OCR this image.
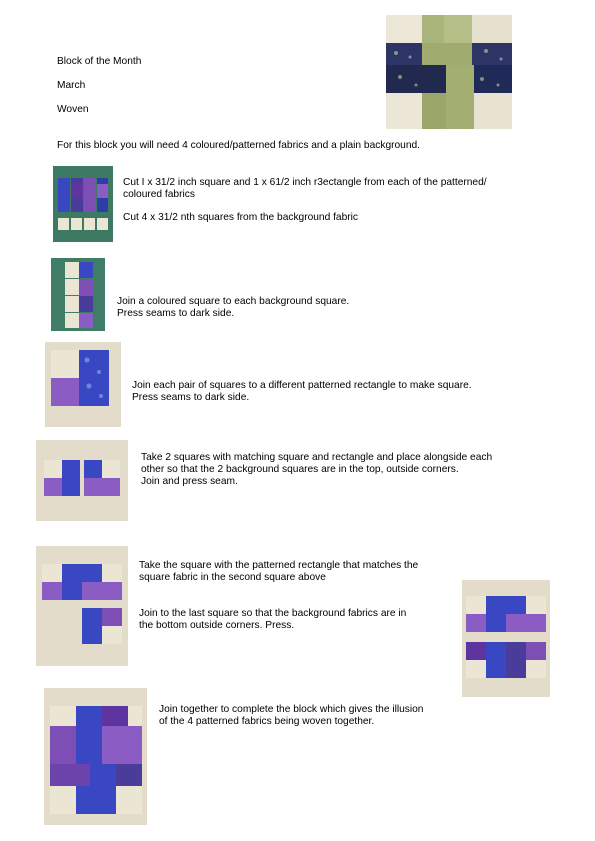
Block of the Month
March
Woven
For this block you will need 4 coloured/patterned fabrics and a plain background.
Cut I x 31/2 inch square and 1 x 61/2 inch r3ectangle from each of the patterned/
coloured fabrics
Cut 4 x 31/2 nth squares from the background fabric
Join a coloured square to each background square.
Press seams to dark side.
Join each pair of squares to a different patterned rectangle to make square.
Press seams to dark side.
Take 2 squares with matching square and rectangle and place alongside each
other so that the 2 background squares are in the top, outside corners.
Join and press seam.
Take the square with the patterned rectangle that matches the
square fabric in the second square above
Join to the last square so that the background fabrics are in
the bottom outside corners. Press.
Join together to complete the block which gives the illusion
of the 4 patterned fabrics being woven together.
